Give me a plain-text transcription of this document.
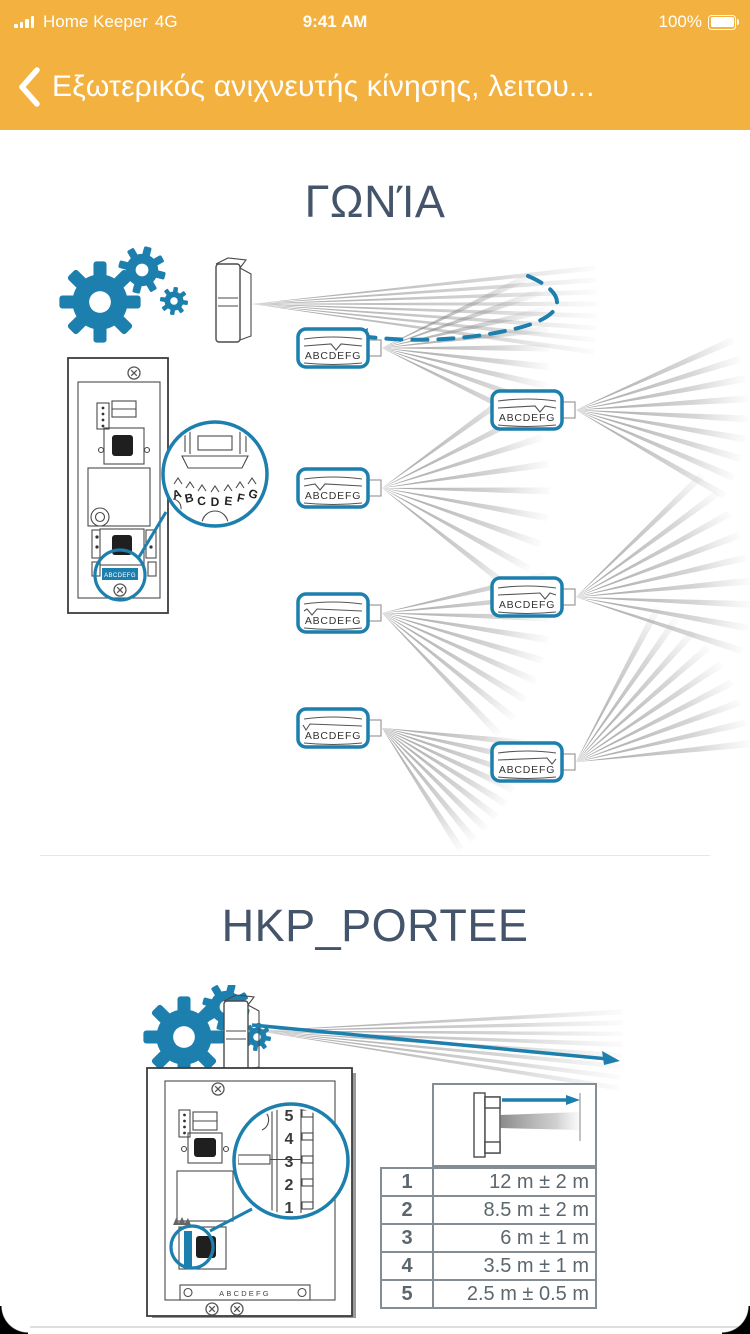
Home Keeper 4G	9:41 AM	100%
Εξωτερικός ανιχνευτής κίνησης, λειτου...
ΓΩΝΊΑ
ABCDEFG
A B C D E F G
ABCDEFG
ABCDEFG
ABCDEFG
ABCDEFG
ABCDEFG
ABCDEFG
ABCDEFG
HKP_PORTEE
ABCDEFG
5
4
3
2
1
1	12 m ± 2 m
2	8.5 m ± 2 m
3	6 m ± 1 m
4	3.5 m ± 1 m
5	2.5 m ± 0.5 m
